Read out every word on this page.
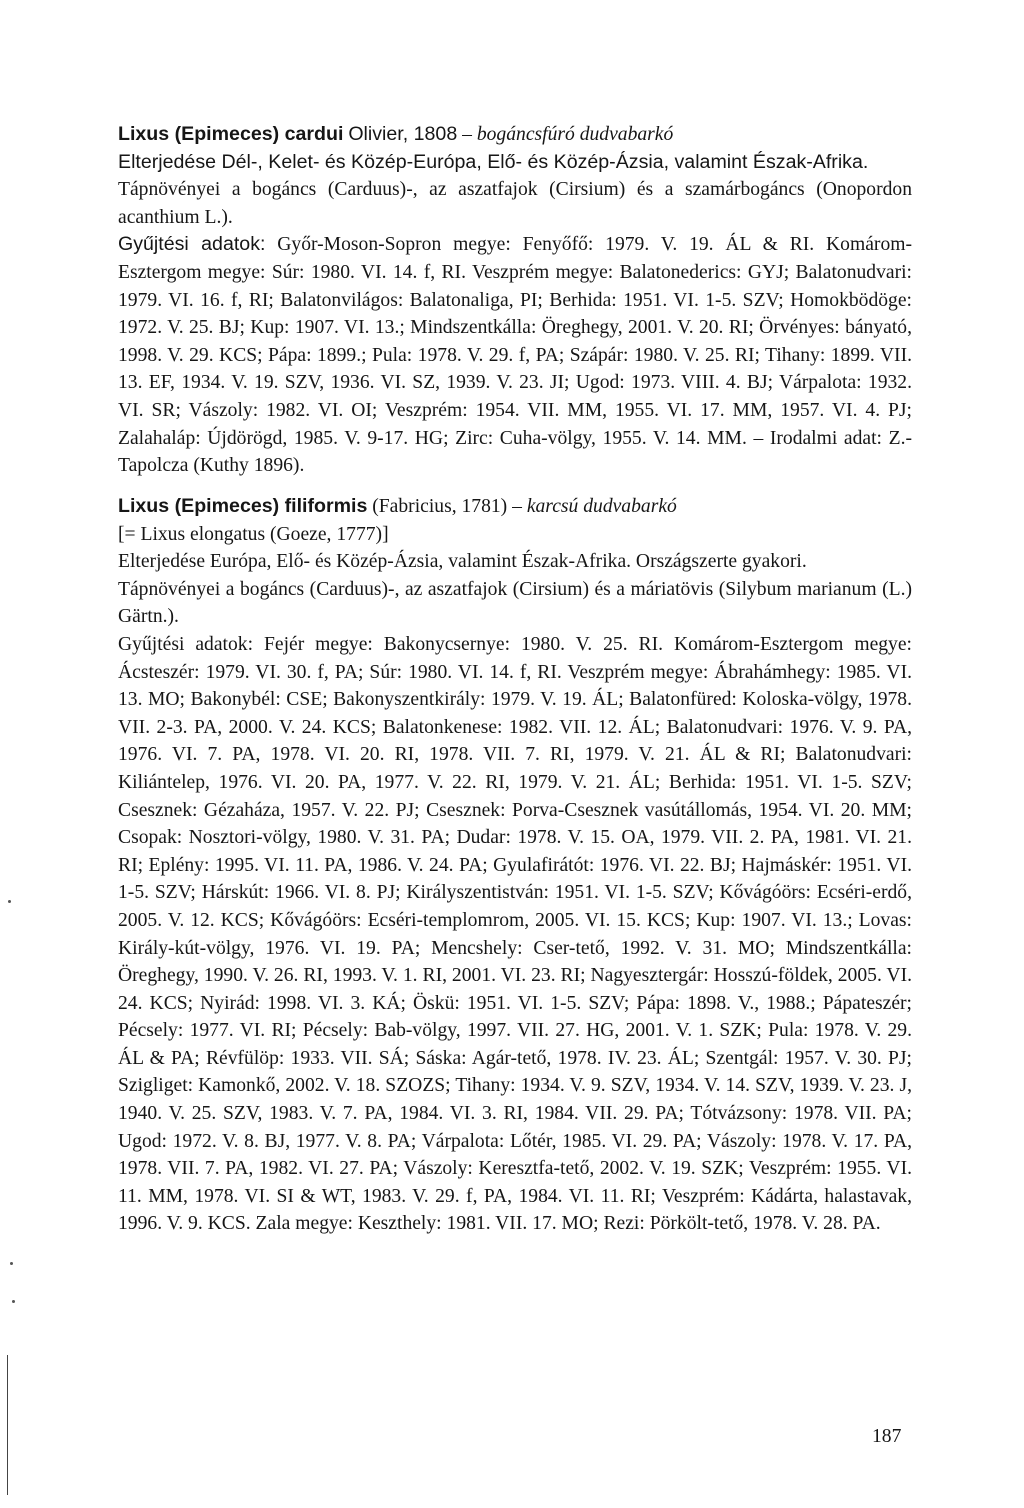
Lixus (Epimeces) cardui Olivier, 1808 – bogáncsfúró dudvabarkó

Elterjedése Dél-, Kelet- és Közép-Európa, Elő- és Közép-Ázsia, valamint Észak-Afrika.

Tápnövényei a bogáncs (Carduus)-, az aszatfajok (Cirsium) és a szamárbogáncs (Onopordon acanthium L.).

Gyűjtési adatok: Győr-Moson-Sopron megye: Fenyőfő: 1979. V. 19. ÁL & RI. Komárom-Esztergom megye: Súr: 1980. VI. 14. f, RI. Veszprém megye: Balatonederics: GYJ; Balatonudvari: 1979. VI. 16. f, RI; Balatonvilágos: Balatonaliga, PI; Berhida: 1951. VI. 1-5. SZV; Homokbödöge: 1972. V. 25. BJ; Kup: 1907. VI. 13.; Mindszentkálla: Öreghegy, 2001. V. 20. RI; Örvényes: bányató, 1998. V. 29. KCS; Pápa: 1899.; Pula: 1978. V. 29. f, PA; Szápár: 1980. V. 25. RI; Tihany: 1899. VII. 13. EF, 1934. V. 19. SZV, 1936. VI. SZ, 1939. V. 23. JI; Ugod: 1973. VIII. 4. BJ; Várpalota: 1932. VI. SR; Vászoly: 1982. VI. OI; Veszprém: 1954. VII. MM, 1955. VI. 17. MM, 1957. VI. 4. PJ; Zalahaláp: Újdörögd, 1985. V. 9-17. HG; Zirc: Cuha-völgy, 1955. V. 14. MM. – Irodalmi adat: Z.-Tapolcza (Kuthy 1896).

Lixus (Epimeces) filiformis (Fabricius, 1781) – karcsú dudvabarkó

[= Lixus elongatus (Goeze, 1777)]

Elterjedése Európa, Elő- és Közép-Ázsia, valamint Észak-Afrika. Országszerte gyakori.

Tápnövényei a bogáncs (Carduus)-, az aszatfajok (Cirsium) és a máriatövis (Silybum marianum (L.) Gärtn.).

Gyűjtési adatok: Fejér megye: Bakonycsernye: 1980. V. 25. RI. Komárom-Esztergom megye: Ácsteszér: 1979. VI. 30. f, PA; Súr: 1980. VI. 14. f, RI. Veszprém megye: Ábrahámhegy: 1985. VI. 13. MO; Bakonybél: CSE; Bakonyszentkirály: 1979. V. 19. ÁL; Balatonfüred: Koloska-völgy, 1978. VII. 2-3. PA, 2000. V. 24. KCS; Balatonkenese: 1982. VII. 12. ÁL; Balatonudvari: 1976. V. 9. PA, 1976. VI. 7. PA, 1978. VI. 20. RI, 1978. VII. 7. RI, 1979. V. 21. ÁL & RI; Balatonudvari: Kiliántelep, 1976. VI. 20. PA, 1977. V. 22. RI, 1979. V. 21. ÁL; Berhida: 1951. VI. 1-5. SZV; Csesznek: Gézaháza, 1957. V. 22. PJ; Csesznek: Porva-Csesznek vasútállomás, 1954. VI. 20. MM; Csopak: Nosztori-völgy, 1980. V. 31. PA; Dudar: 1978. V. 15. OA, 1979. VII. 2. PA, 1981. VI. 21. RI; Eplény: 1995. VI. 11. PA, 1986. V. 24. PA; Gyulafirátót: 1976. VI. 22. BJ; Hajmáskér: 1951. VI. 1-5. SZV; Hárskút: 1966. VI. 8. PJ; Királyszentistván: 1951. VI. 1-5. SZV; Kővágóörs: Ecséri-erdő, 2005. V. 12. KCS; Kővágóörs: Ecséri-templomrom, 2005. VI. 15. KCS; Kup: 1907. VI. 13.; Lovas: Király-kút-völgy, 1976. VI. 19. PA; Mencshely: Cser-tető, 1992. V. 31. MO; Mindszentkálla: Öreghegy, 1990. V. 26. RI, 1993. V. 1. RI, 2001. VI. 23. RI; Nagyesztergár: Hosszú-földek, 2005. VI. 24. KCS; Nyirád: 1998. VI. 3. KÁ; Öskü: 1951. VI. 1-5. SZV; Pápa: 1898. V., 1988.; Pápateszér; Pécsely: 1977. VI. RI; Pécsely: Bab-völgy, 1997. VII. 27. HG, 2001. V. 1. SZK; Pula: 1978. V. 29. ÁL & PA; Révfülöp: 1933. VII. SÁ; Sáska: Agár-tető, 1978. IV. 23. ÁL; Szentgál: 1957. V. 30. PJ; Szigliget: Kamonkő, 2002. V. 18. SZOZS; Tihany: 1934. V. 9. SZV, 1934. V. 14. SZV, 1939. V. 23. J, 1940. V. 25. SZV, 1983. V. 7. PA, 1984. VI. 3. RI, 1984. VII. 29. PA; Tótvázsony: 1978. VII. PA; Ugod: 1972. V. 8. BJ, 1977. V. 8. PA; Várpalota: Lőtér, 1985. VI. 29. PA; Vászoly: 1978. V. 17. PA, 1978. VII. 7. PA, 1982. VI. 27. PA; Vászoly: Keresztfa-tető, 2002. V. 19. SZK; Veszprém: 1955. VI. 11. MM, 1978. VI. SI & WT, 1983. V. 29. f, PA, 1984. VI. 11. RI; Veszprém: Kádárta, halastavak, 1996. V. 9. KCS. Zala megye: Keszthely: 1981. VII. 17. MO; Rezi: Pörkölt-tető, 1978. V. 28. PA.

187
